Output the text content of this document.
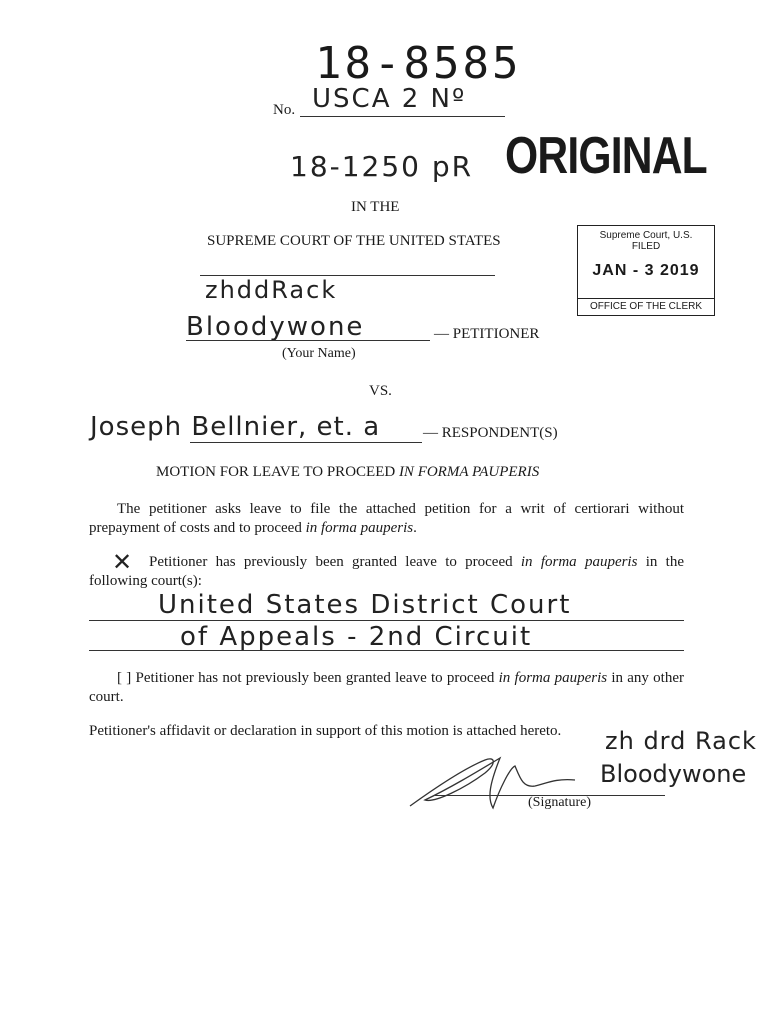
18-8585
No. USCA 2 Nº
18-1250 pR ORIGINAL
IN THE
SUPREME COURT OF THE UNITED STATES	Supreme Court, U.S.
FILED
JAN - 3 2019
OFFICE OF THE CLERK
zhddRack
Bloodywone	— PETITIONER
(Your Name)
VS.
Joseph Bellnier, et. a	— RESPONDENT(S)
MOTION FOR LEAVE TO PROCEED IN FORMA PAUPERIS
The petitioner asks leave to file the attached petition for a writ of certiorari without prepayment of costs and to proceed in forma pauperis.
✕	Petitioner has previously been granted leave to proceed in forma pauperis in the following court(s):
United States District Court
of Appeals - 2nd Circuit
[ ] Petitioner has not previously been granted leave to proceed in forma pauperis in any other court.
Petitioner's affidavit or declaration in support of this motion is attached hereto. zh drd Rack
Bloodywone
(Signature)
